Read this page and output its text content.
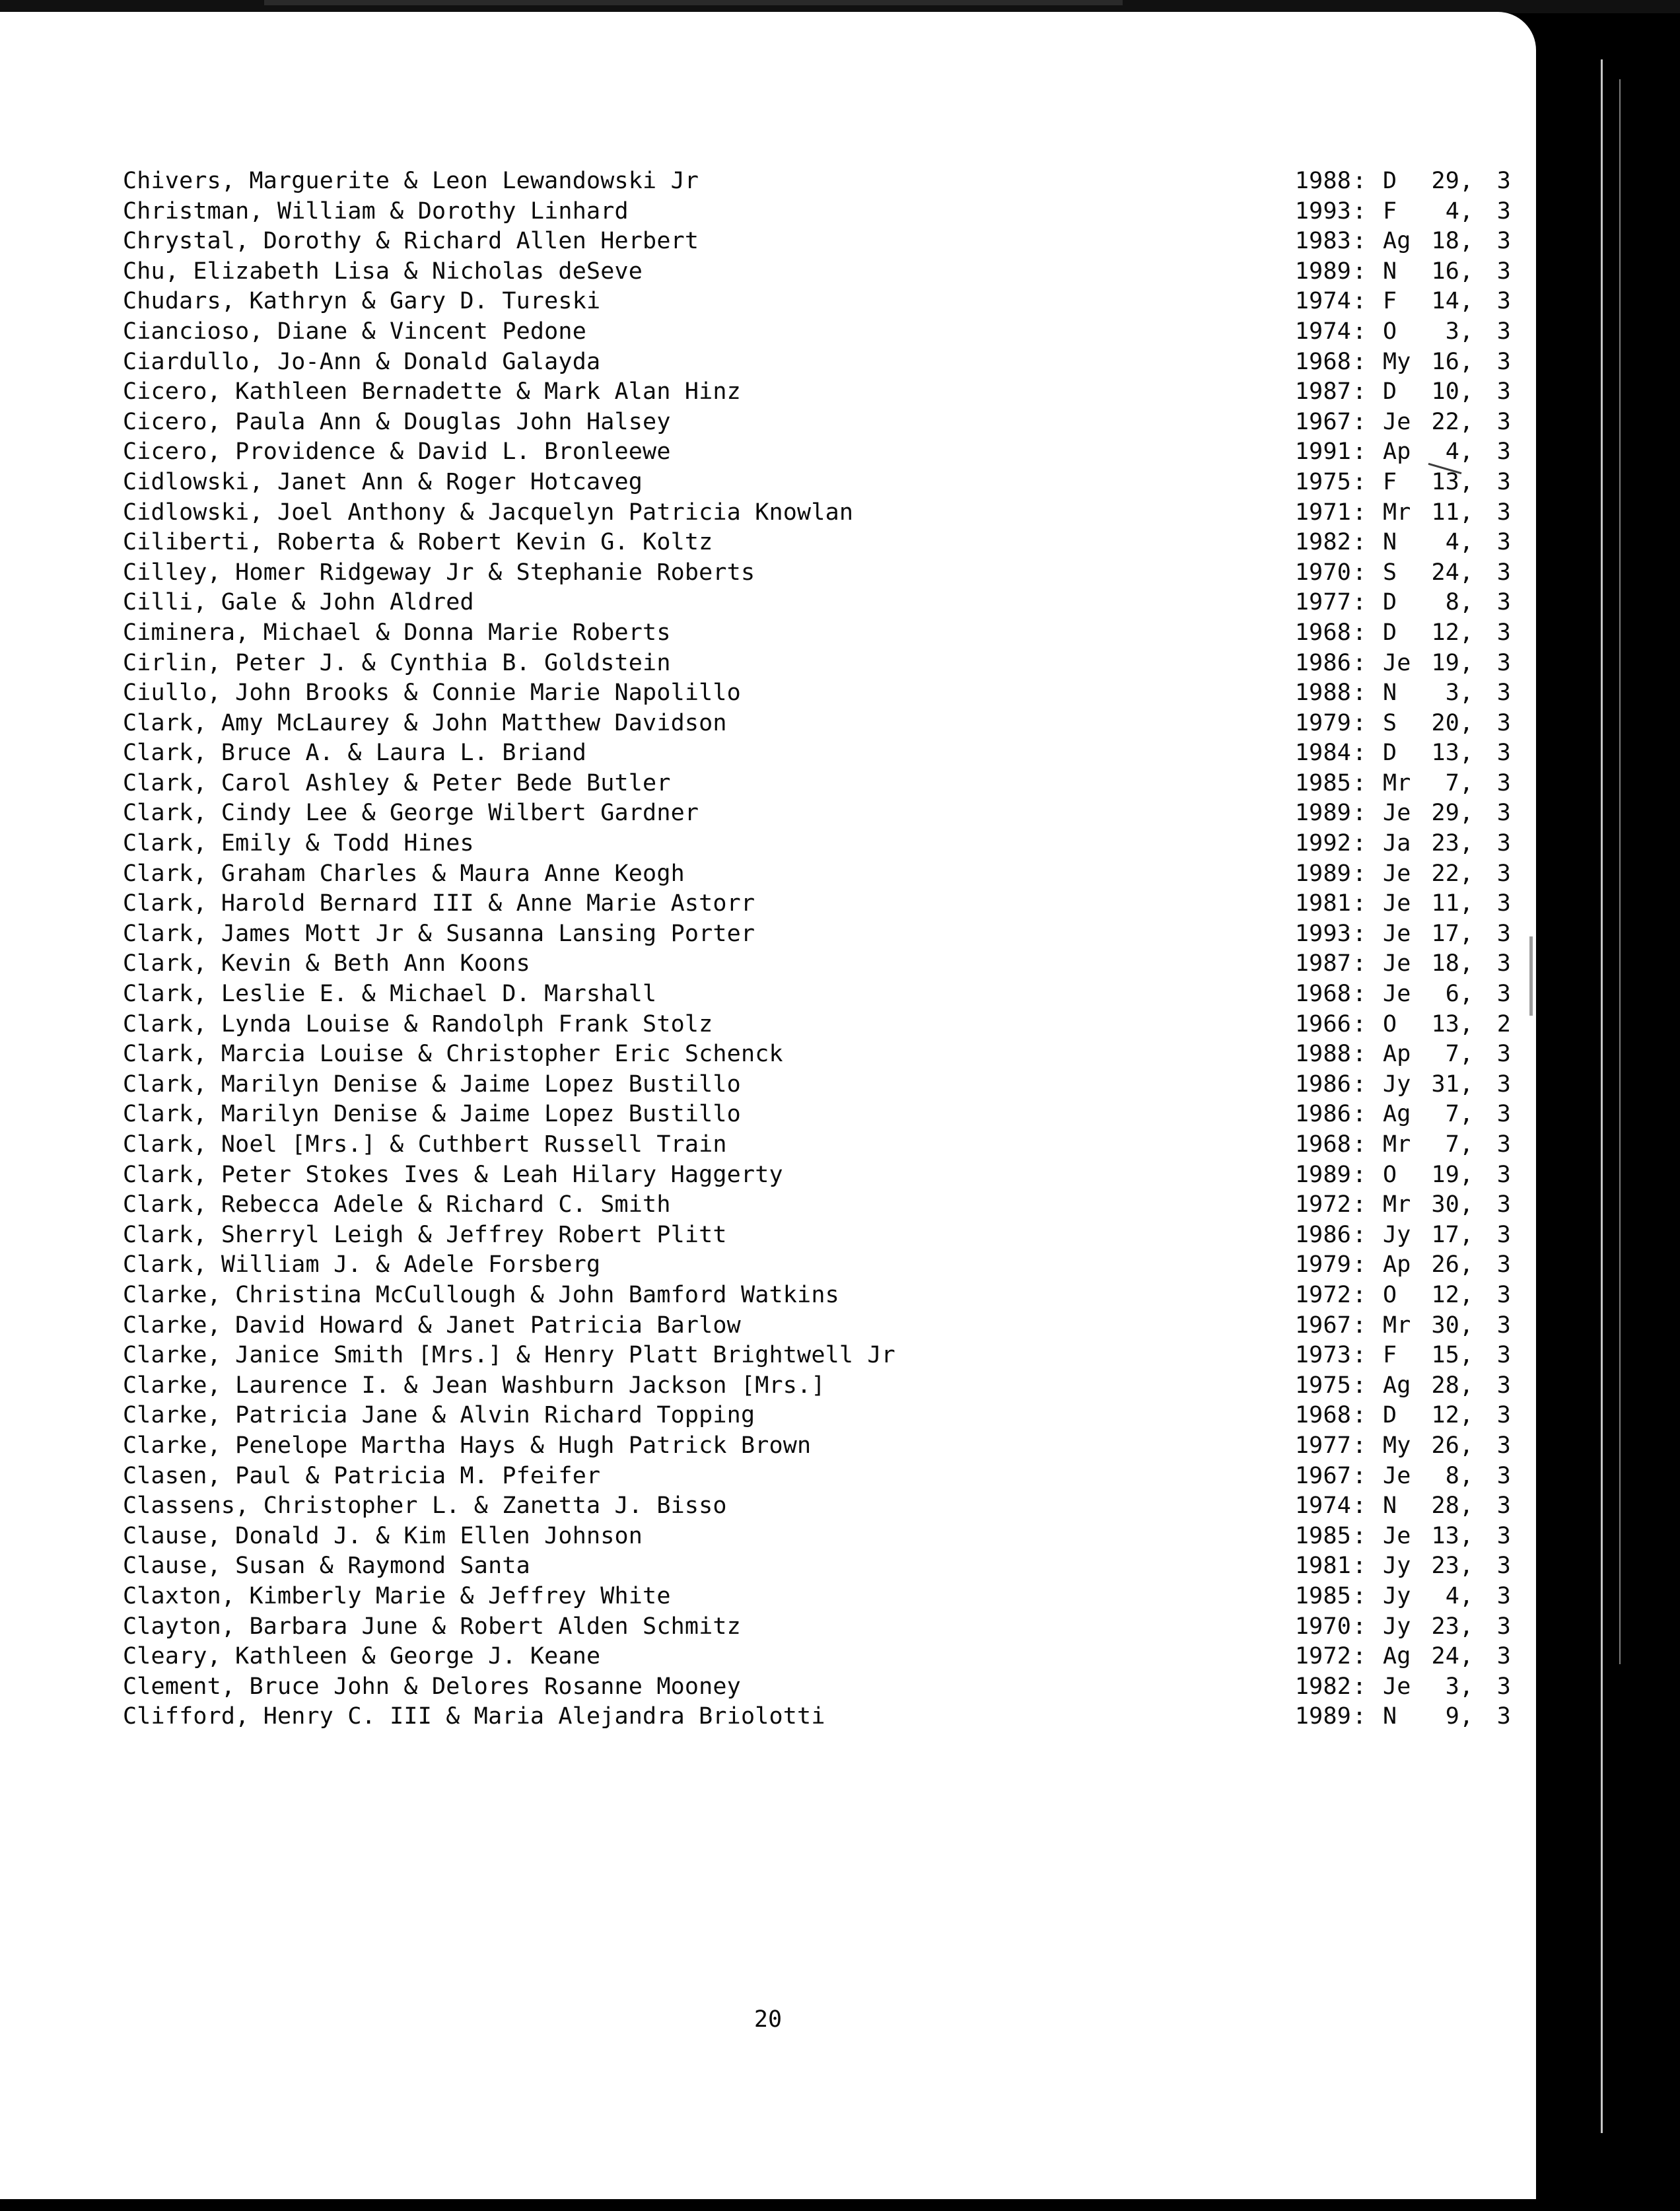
Chivers, Marguerite & Leon Lewandowski Jr	1988 : D	29 , 3
Christman, William & Dorothy Linhard	1993 : F	4 , 3
Chrystal, Dorothy & Richard Allen Herbert	1983 : Ag 18 , 3
Chu, Elizabeth Lisa & Nicholas deSeve	1989 : N	16 , 3
Chudars, Kathryn & Gary D. Tureski	1974 : F	14 , 3
Ciancioso, Diane & Vincent Pedone	1974 : O	3 , 3
Ciardullo, Jo-Ann & Donald Galayda	1968 : My 16 , 3
Cicero, Kathleen Bernadette & Mark Alan Hinz	1987 : D	10 , 3
Cicero, Paula Ann & Douglas John Halsey	1967 : Je 22 , 3
Cicero, Providence & David L. Bronleewe	1991 : Ap	4 , 3
Cidlowski, Janet Ann & Roger Hotcaveg	1975 : F	13 , 3
Cidlowski, Joel Anthony & Jacquelyn Patricia Knowlan	1971 : Mr 11 , 3
Ciliberti, Roberta & Robert Kevin G. Koltz	1982 : N	4 , 3
Cilley, Homer Ridgeway Jr & Stephanie Roberts	1970 : S	24 , 3
Cilli, Gale & John Aldred	1977 : D	8 , 3
Ciminera, Michael & Donna Marie Roberts	1968 : D	12 , 3
Cirlin, Peter J. & Cynthia B. Goldstein	1986 : Je 19 , 3
Ciullo, John Brooks & Connie Marie Napolillo	1988 : N	3 , 3
Clark, Amy McLaurey & John Matthew Davidson	1979 : S	20 , 3
Clark, Bruce A. & Laura L. Briand	1984 : D	13 , 3
Clark, Carol Ashley & Peter Bede Butler	1985 : Mr	7 , 3
Clark, Cindy Lee & George Wilbert Gardner	1989 : Je 29 , 3
Clark, Emily & Todd Hines	1992 : Ja 23 , 3
Clark, Graham Charles & Maura Anne Keogh	1989 : Je 22 , 3
Clark, Harold Bernard III & Anne Marie Astorr	1981 : Je 11 , 3
Clark, James Mott Jr & Susanna Lansing Porter	1993 : Je 17 , 3
Clark, Kevin & Beth Ann Koons	1987 : Je 18 , 3
Clark, Leslie E. & Michael D. Marshall	1968 : Je	6 , 3
Clark, Lynda Louise & Randolph Frank Stolz	1966 : O	13 , 2
Clark, Marcia Louise & Christopher Eric Schenck	1988 : Ap	7 , 3
Clark, Marilyn Denise & Jaime Lopez Bustillo	1986 : Jy 31 , 3
Clark, Marilyn Denise & Jaime Lopez Bustillo	1986 : Ag	7 , 3
Clark, Noel [Mrs.] & Cuthbert Russell Train	1968 : Mr	7 , 3
Clark, Peter Stokes Ives & Leah Hilary Haggerty	1989 : O	19 , 3
Clark, Rebecca Adele & Richard C. Smith	1972 : Mr 30 , 3
Clark, Sherryl Leigh & Jeffrey Robert Plitt	1986 : Jy 17 , 3
Clark, William J. & Adele Forsberg	1979 : Ap 26 , 3
Clarke, Christina McCullough & John Bamford Watkins	1972 : O	12 , 3
Clarke, David Howard & Janet Patricia Barlow	1967 : Mr 30 , 3
Clarke, Janice Smith [Mrs.] & Henry Platt Brightwell Jr	1973 : F	15 , 3
Clarke, Laurence I. & Jean Washburn Jackson [Mrs.]	1975 : Ag 28 , 3
Clarke, Patricia Jane & Alvin Richard Topping	1968 : D	12 , 3
Clarke, Penelope Martha Hays & Hugh Patrick Brown	1977 : My 26 , 3
Clasen, Paul & Patricia M. Pfeifer	1967 : Je	8 , 3
Classens, Christopher L. & Zanetta J. Bisso	1974 : N	28 , 3
Clause, Donald J. & Kim Ellen Johnson	1985 : Je 13 , 3
Clause, Susan & Raymond Santa	1981 : Jy 23 , 3
Claxton, Kimberly Marie & Jeffrey White	1985 : Jy	4 , 3
Clayton, Barbara June & Robert Alden Schmitz	1970 : Jy 23 , 3
Cleary, Kathleen & George J. Keane	1972 : Ag 24 , 3
Clement, Bruce John & Delores Rosanne Mooney	1982 : Je	3 , 3
Clifford, Henry C. III & Maria Alejandra Briolotti	1989 : N	9 , 3
20
